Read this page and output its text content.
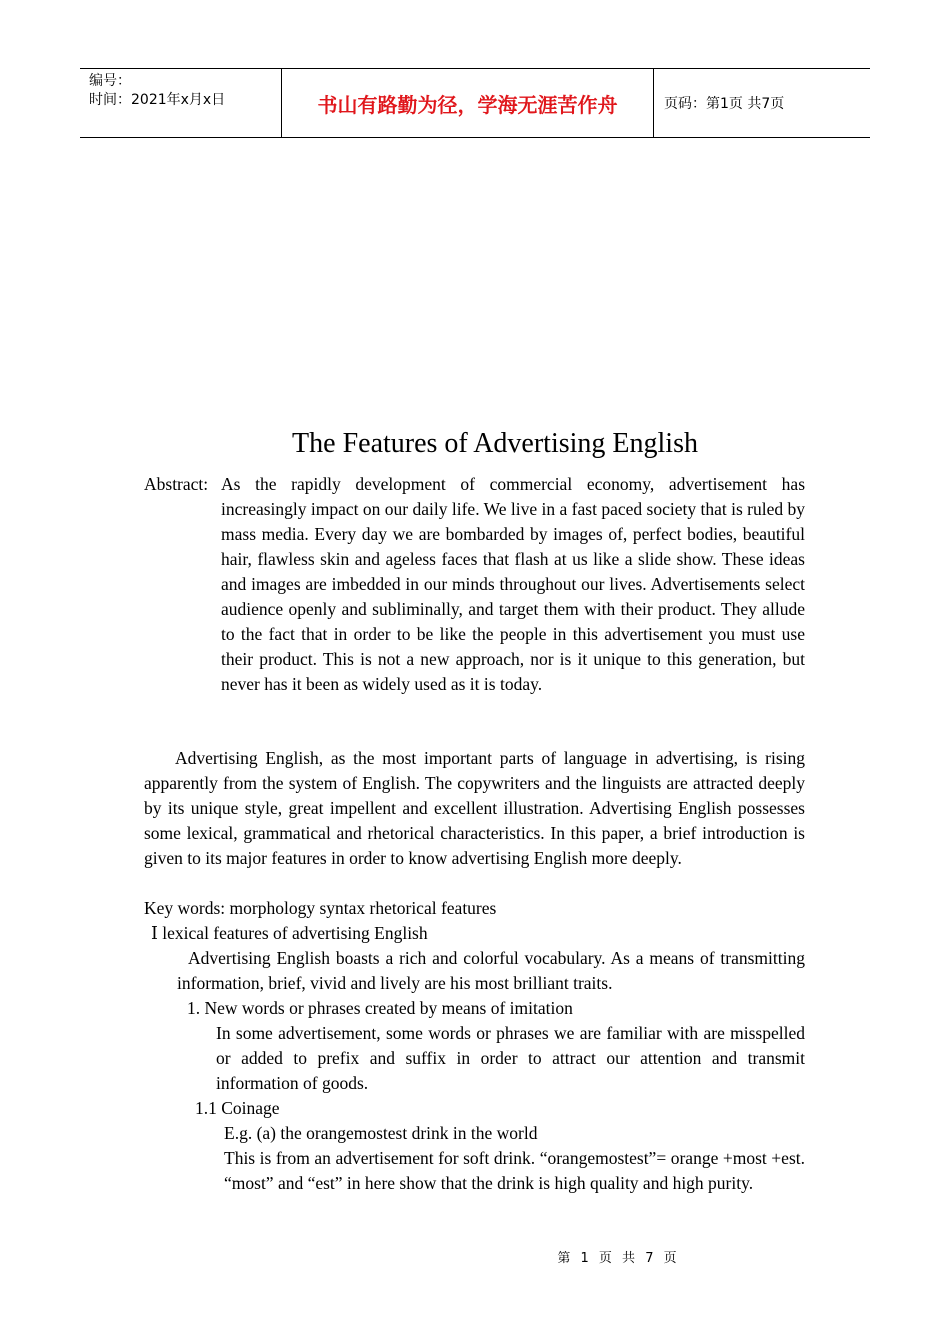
编号：
时间：2021年x月x日	书山有路勤为径，学海无涯苦作舟	页码：第1页 共7页
The Features of Advertising English
Abstract: As the rapidly development of commercial economy, advertisement has increasingly impact on our daily life. We live in a fast paced society that is ruled by mass media. Every day we are bombarded by images of, perfect bodies, beautiful hair, flawless skin and ageless faces that flash at us like a slide show. These ideas and images are imbedded in our minds throughout our lives. Advertisements select audience openly and subliminally, and target them with their product. They allude to the fact that in order to be like the people in this advertisement you must use their product. This is not a new approach, nor is it unique to this generation, but never has it been as widely used as it is today.
Advertising English, as the most important parts of language in advertising, is rising apparently from the system of English. The copywriters and the linguists are attracted deeply by its unique style, great impellent and excellent illustration. Advertising English possesses some lexical, grammatical and rhetorical characteristics. In this paper, a brief introduction is given to its major features in order to know advertising English more deeply.
Key words: morphology syntax rhetorical features
Ⅰ lexical features of advertising English
Advertising English boasts a rich and colorful vocabulary. As a means of transmitting information, brief, vivid and lively are his most brilliant traits.
1. New words or phrases created by means of imitation
In some advertisement, some words or phrases we are familiar with are misspelled or added to prefix and suffix in order to attract our attention and transmit information of goods.
1.1 Coinage
E.g. (a) the orangemostest drink in the world
This is from an advertisement for soft drink. “orangemostest”= orange +most +est. “most” and “est” in here show that the drink is high quality and high purity.
第 1 页 共 7 页
